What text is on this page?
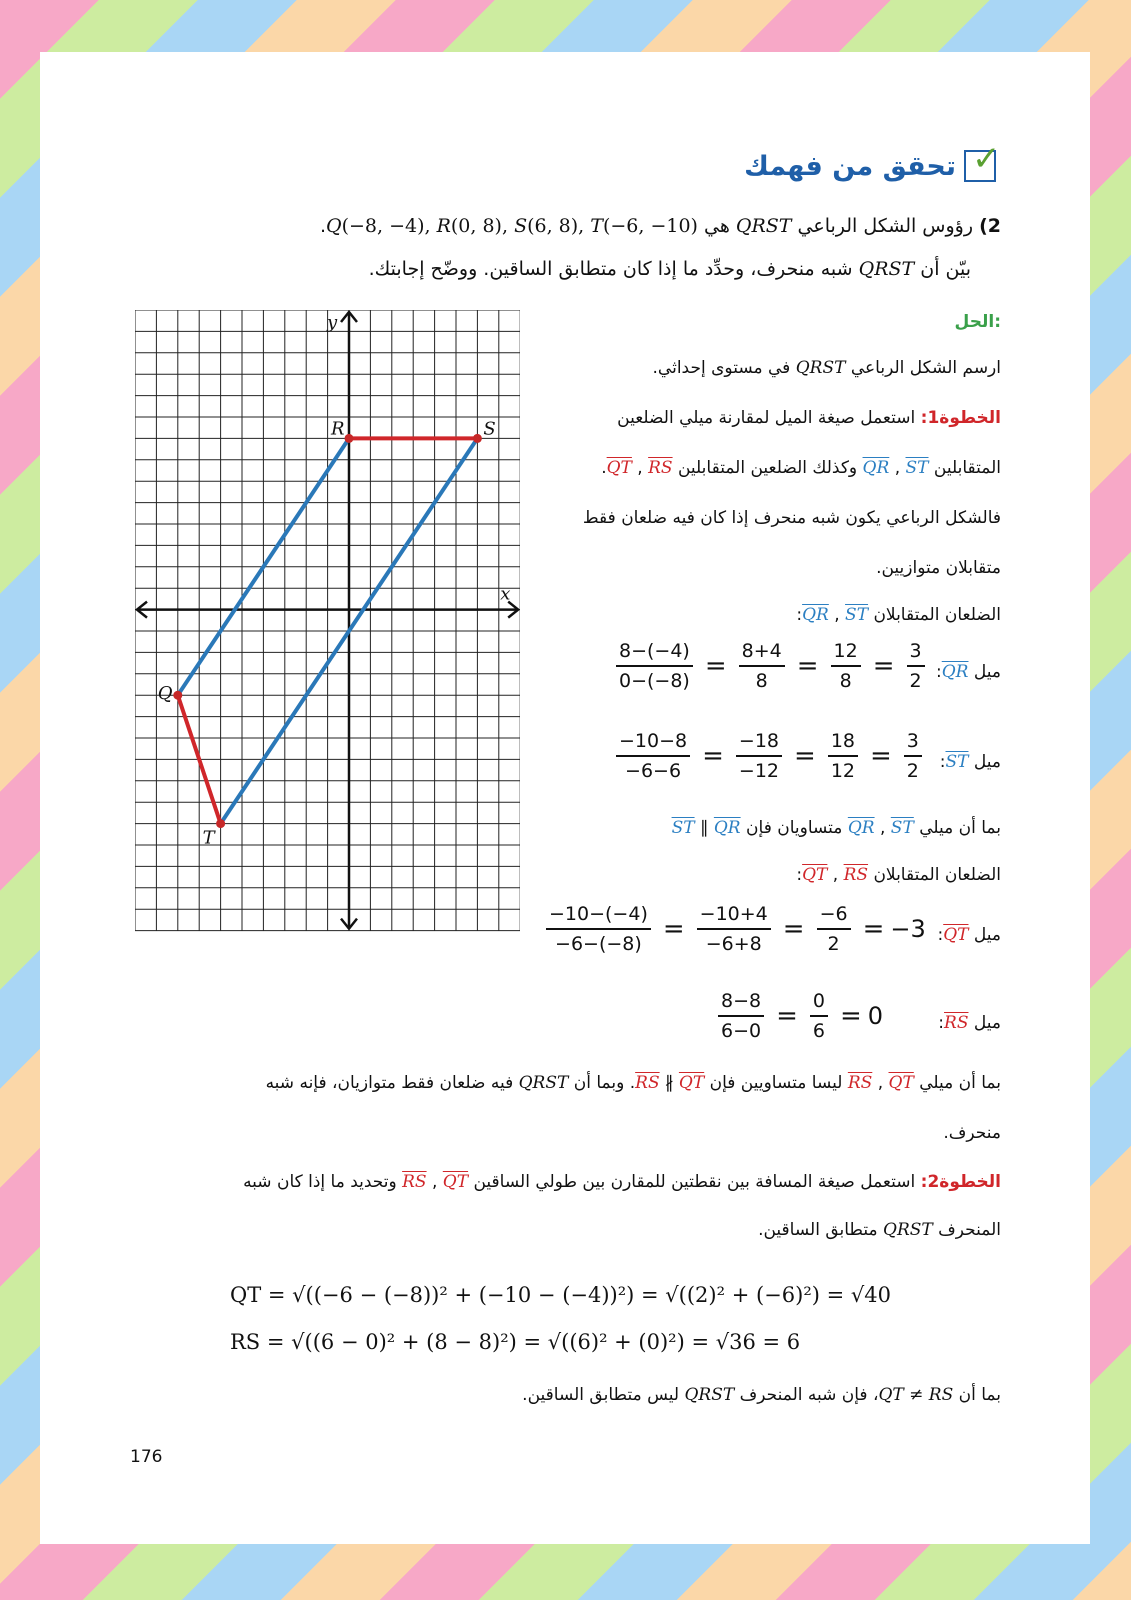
تحقق من فهمك ✓
2) رؤوس الشكل الرباعي QRST هي Q(−8, −4), R(0, 8), S(6, 8), T(−6, −10).
بيّن أن QRST شبه منحرف، وحدِّد ما إذا كان متطابق الساقين. ووضّح إجابتك.
x
y
Q
R	S
T
الحل:
ارسم الشكل الرباعي QRST في مستوى إحداثي.
الخطوة1: استعمل صيغة الميل لمقارنة ميلي الضلعين
المتقابلين QR , ST وكذلك الضلعين المتقابلين QT , RS.
فالشكل الرباعي يكون شبه منحرف إذا كان فيه ضلعان فقط
متقابلان متوازيين.
الضلعان المتقابلان QR , ST:
ميل QR:
$\frac{8-(-4)}{0-(-8)} = \frac{8+4}{8} = \frac{12}{8} = \frac{3}{2}$
ميل ST:
$\frac{-10-8}{-6-6} = \frac{-18}{-12} = \frac{18}{12} = \frac{3}{2}$
بما أن ميلي QR , ST متساويان فإن ST ∥ QR
الضلعان المتقابلان QT , RS:
ميل QT:
$\frac{-10-(-4)}{-6-(-8)} = \frac{-10+4}{-6+8} = \frac{-6}{2} = -3$
ميل RS:
$\frac{8-8}{6-0} = \frac{0}{6} = 0$
بما أن ميلي RS , QT ليسا متساويين فإن RS ∦ QT. وبما أن QRST فيه ضلعان فقط متوازيان، فإنه شبه
منحرف.
الخطوة2: استعمل صيغة المسافة بين نقطتين للمقارن بين طولي الساقين RS , QT وتحديد ما إذا كان شبه
المنحرف QRST متطابق الساقين.
QT = √((−6 − (−8))² + (−10 − (−4))²) = √((2)² + (−6)²) = √40
RS = √((6 − 0)² + (8 − 8)²) = √((6)² + (0)²) = √36 = 6
بما أن QT ≠ RS، فإن شبه المنحرف QRST ليس متطابق الساقين.
176
